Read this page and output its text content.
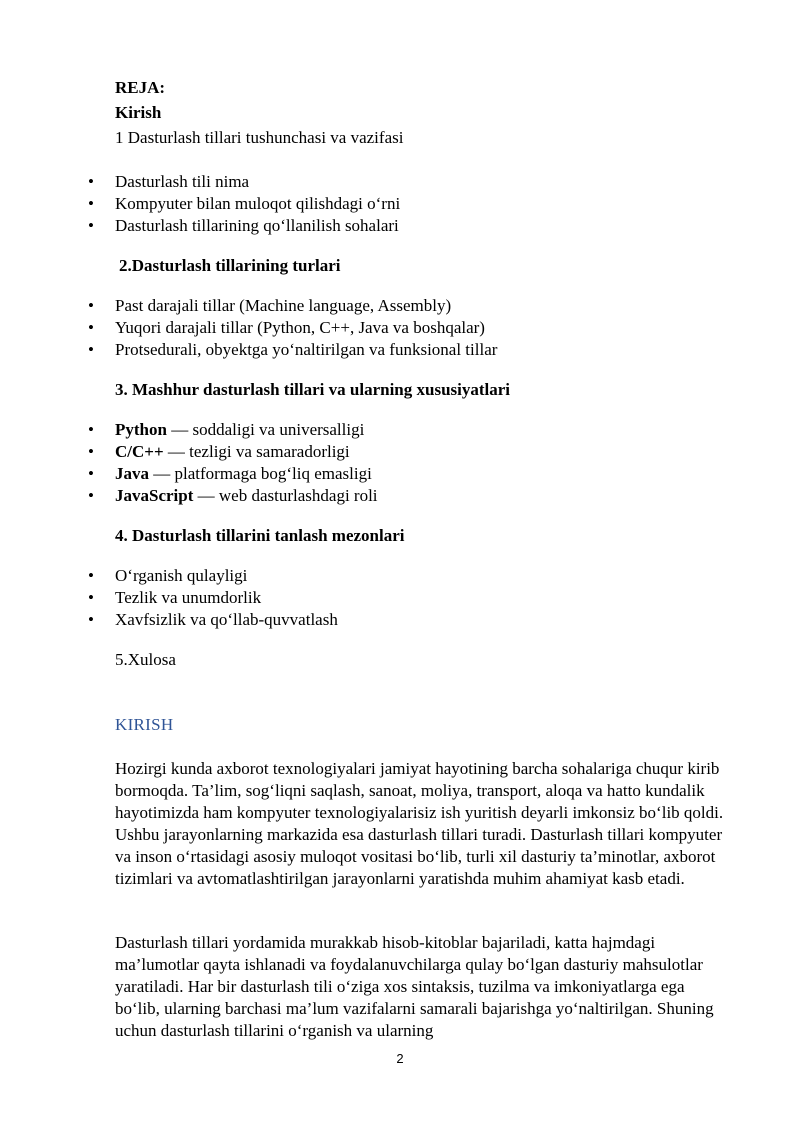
REJA:

Kirish

1 Dasturlash tillari tushunchasi va vazifasi

• Dasturlash tili nima
• Kompyuter bilan muloqot qilishdagi o‘rni
• Dasturlash tillarining qo‘llanilish sohalari

2.Dasturlash tillarining turlari

• Past darajali tillar (Machine language, Assembly)
• Yuqori darajali tillar (Python, C++, Java va boshqalar)
• Protsedurali, obyektga yo‘naltirilgan va funksional tillar

3. Mashhur dasturlash tillari va ularning xususiyatlari

• Python — soddaligi va universalligi
• C/C++ — tezligi va samaradorligi
• Java — platformaga bog‘liq emasligi
• JavaScript — web dasturlashdagi roli

4. Dasturlash tillarini tanlash mezonlari

• O‘rganish qulayligi
• Tezlik va unumdorlik
• Xavfsizlik va qo‘llab-quvvatlash

5.Xulosa

KIRISH

Hozirgi kunda axborot texnologiyalari jamiyat hayotining barcha sohalariga chuqur kirib bormoqda. Ta’lim, sog‘liqni saqlash, sanoat, moliya, transport, aloqa va hatto kundalik hayotimizda ham kompyuter texnologiyalarisiz ish yuritish deyarli imkonsiz bo‘lib qoldi. Ushbu jarayonlarning markazida esa dasturlash tillari turadi. Dasturlash tillari kompyuter va inson o‘rtasidagi asosiy muloqot vositasi bo‘lib, turli xil dasturiy ta’minotlar, axborot tizimlari va avtomatlashtirilgan jarayonlarni yaratishda muhim ahamiyat kasb etadi.

Dasturlash tillari yordamida murakkab hisob-kitoblar bajariladi, katta hajmdagi ma’lumotlar qayta ishlanadi va foydalanuvchilarga qulay bo‘lgan dasturiy mahsulotlar yaratiladi. Har bir dasturlash tili o‘ziga xos sintaksis, tuzilma va imkoniyatlarga ega bo‘lib, ularning barchasi ma’lum vazifalarni samarali bajarishga yo‘naltirilgan. Shuning uchun dasturlash tillarini o‘rganish va ularning

2
